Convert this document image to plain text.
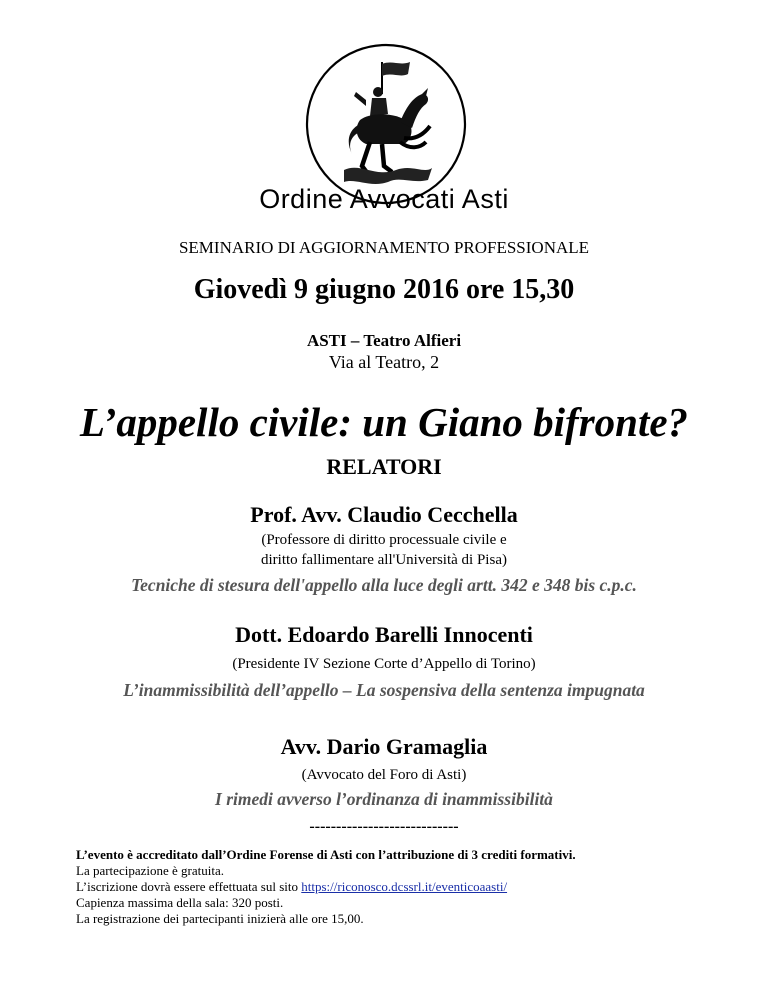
Ordine Avvocati Asti
SEMINARIO DI AGGIORNAMENTO PROFESSIONALE
Giovedì 9 giugno 2016 ore 15,30
ASTI – Teatro Alfieri
Via al Teatro, 2
L’appello civile: un Giano bifronte?
RELATORI
Prof. Avv. Claudio Cecchella
(Professore di diritto processuale civile e
diritto fallimentare all'Università di Pisa)
Tecniche di stesura dell'appello alla luce degli artt. 342 e 348 bis c.p.c.
Dott. Edoardo Barelli Innocenti
(Presidente IV Sezione Corte d’Appello di Torino)
L’inammissibilità dell’appello – La sospensiva della sentenza impugnata
Avv. Dario Gramaglia
(Avvocato del Foro di Asti)
I rimedi avverso l’ordinanza di inammissibilità
----------------------------
L’evento è accreditato dall’Ordine Forense di Asti con l’attribuzione di 3 crediti formativi.
La partecipazione è gratuita.
L’iscrizione dovrà essere effettuata sul sito https://riconosco.dcssrl.it/eventicoaasti/
Capienza massima della sala: 320 posti.
La registrazione dei partecipanti inizierà alle ore 15,00.
